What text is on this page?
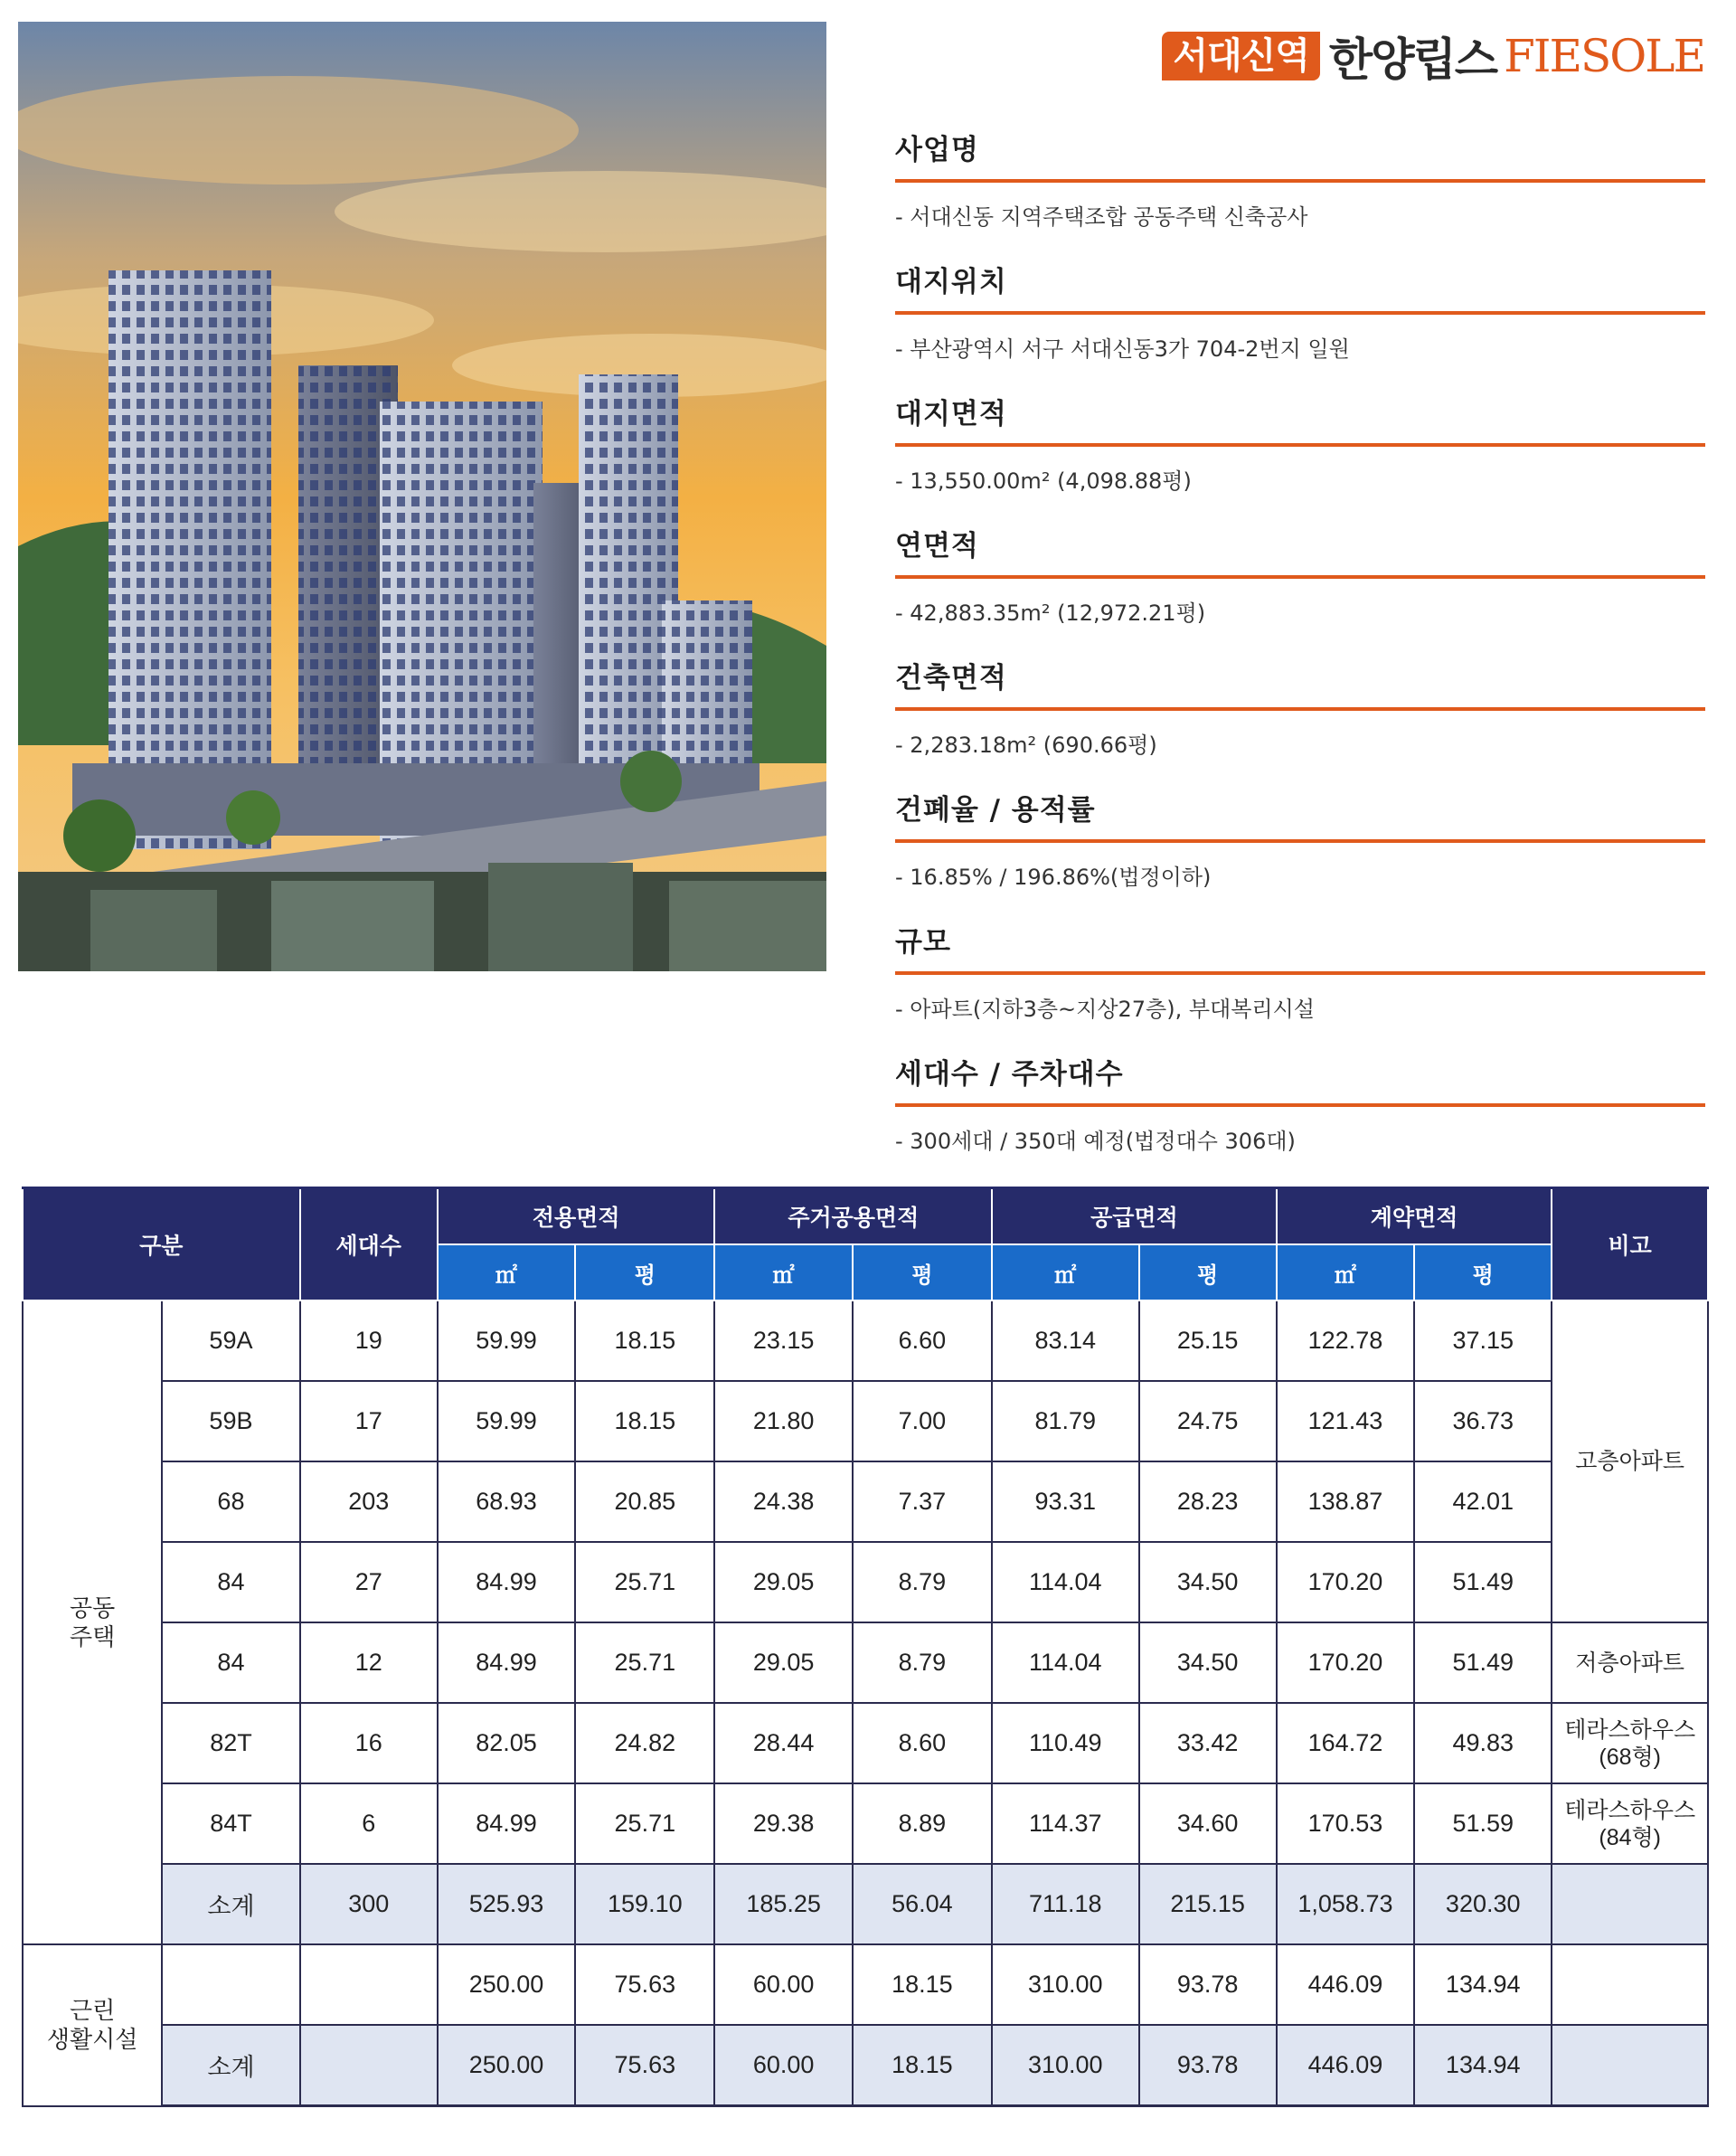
서대신역 한양립스 FIESOLE
사업명
- 서대신동 지역주택조합 공동주택 신축공사
대지위치
- 부산광역시 서구 서대신동3가 704-2번지 일원
대지면적
- 13,550.00m² (4,098.88평)
연면적
- 42,883.35m² (12,972.21평)
건축면적
- 2,283.18m² (690.66평)
건폐율 / 용적률
- 16.85% / 196.86%(법정이하)
규모
- 아파트(지하3층~지상27층), 부대복리시설
세대수 / 주차대수
- 300세대 / 350대 예정(법정대수 306대)
구분		세대수	전용면적		주거공용면적		공급면적		계약면적		비고
			㎡	평	㎡	평	㎡	평	㎡	평	
공동
주택	59A	19	59.99	18.15	23.15	6.60	83.14	25.15	122.78	37.15	고층아파트
	59B	17	59.99	18.15	21.80	7.00	81.79	24.75	121.43	36.73	
	68	203	68.93	20.85	24.38	7.37	93.31	28.23	138.87	42.01	
	84	27	84.99	25.71	29.05	8.79	114.04	34.50	170.20	51.49	
	84	12	84.99	25.71	29.05	8.79	114.04	34.50	170.20	51.49	저층아파트
	82T	16	82.05	24.82	28.44	8.60	110.49	33.42	164.72	49.83	테라스하우스
(68형)
	84T	6	84.99	25.71	29.38	8.89	114.37	34.60	170.53	51.59	테라스하우스
(84형)
	소계	300	525.93	159.10	185.25	56.04	711.18	215.15	1,058.73	320.30	
근린
생활시설			250.00	75.63	60.00	18.15	310.00	93.78	446.09	134.94	
	소계		250.00	75.63	60.00	18.15	310.00	93.78	446.09	134.94	
